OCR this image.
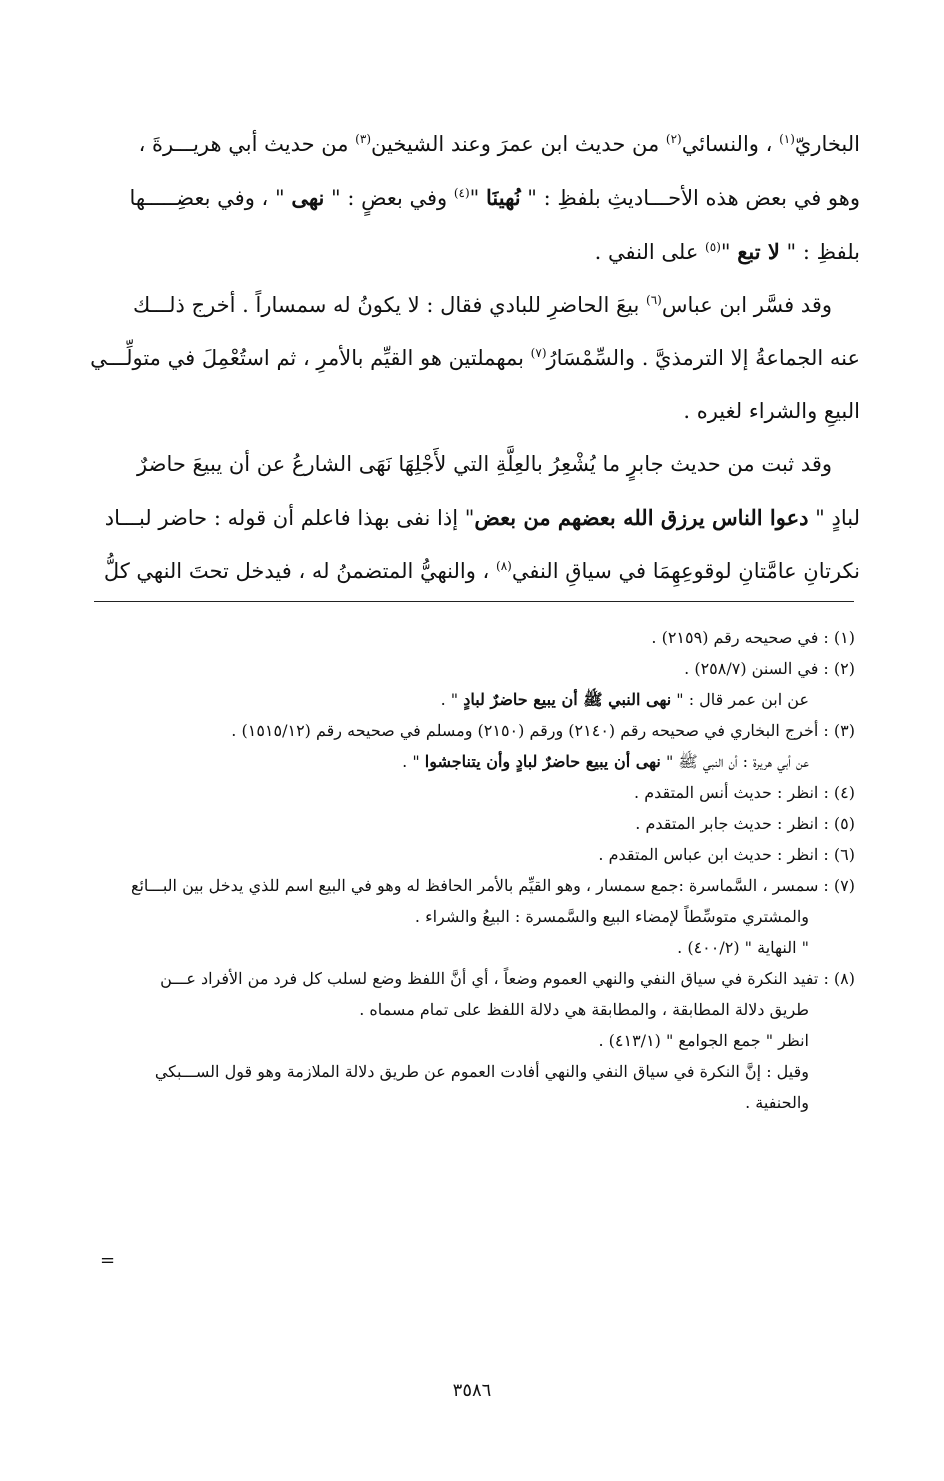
البخاريّ$^{(١)}$ ، والنسائي$^{(٢)}$ من حديث ابن عمرَ وعند الشيخين$^{(٣)}$ من حديث أبي هريـــرةَ ،
وهو في بعض هذه الأحـــاديثِ بلفظِ : " نُهينَا "$^{(٤)}$ وفي بعضٍ : " نهى " ، وفي بعضِـــــها
بلفظِ : " لا تبع "$^{(٥)}$ على النفي .
وقد فسَّر ابن عباس$^{(٦)}$ بيعَ الحاضرِ للبادي فقال : لا يكونُ له سمساراً . أخرج ذلـــك
عنه الجماعةُ إلا الترمذيَّ . والسِّمْسَارُ$^{(٧)}$ بمهملتين هو القيِّم بالأمرِ ، ثم استُعْمِلَ في متولِّـــي
البيعِ والشراء لغيره .
وقد ثبت من حديث جابرٍ ما يُشْعِرُ بالعِلَّةِ التي لأَجْلِهَا نَهَى الشارعُ عن أن يبيعَ حاضرٌ
لبادٍ " دعوا الناس يرزق الله بعضهم من بعض" إذا نفى بهذا فاعلم أن قوله : حاضر لبـــاد
نكرتانِ عامَّتانِ لوقوعِهِمَا في سياقِ النفي$^{(٨)}$ ، والنهيُّ المتضمنُ له ، فيدخل تحتَ النهي كلُّ
(١) : في صحيحه رقم (٢١٥٩) .
(٢) : في السنن (٢٥٨/٧) .
عن ابن عمر قال : " نهى النبي ﷺ أن يبيع حاضرٌ لبادٍ " .
(٣) : أخرج البخاري في صحيحه رقم (٢١٤٠) ورقم (٢١٥٠) ومسلم في صحيحه رقم (١٥١٥/١٢) .
عن أبي هريرة : أن النبي ﷺ " نهى أن يبيع حاضرٌ لبادٍ وأن يتناجشوا " .
(٤) : انظر : حديث أنس المتقدم .
(٥) : انظر : حديث جابر المتقدم .
(٦) : انظر : حديث ابن عباس المتقدم .
(٧) : سمسر ، السَّماسرة :جمع سمسار ، وهو القيِّم بالأمر الحافظ له وهو في البيع اسم للذي يدخل بين البـــائع
والمشتري متوسِّطاً لإمضاء البيع والسَّمسرة : البيعُ والشراء .
" النهاية " (٤٠٠/٢) .
(٨) : تفيد النكرة في سياق النفي والنهي العموم وضعاً ، أي أنَّ اللفظ وضع لسلب كل فرد من الأفراد عـــن
طريق دلالة المطابقة ، والمطابقة هي دلالة اللفظ على تمام مسماه .
انظر " جمع الجوامع " (٤١٣/١) .
وقيل : إنَّ النكرة في سياق النفي والنهي أفادت العموم عن طريق دلالة الملازمة وهو قول الســـبكي
والحنفية .
=
٣٥٨٦
